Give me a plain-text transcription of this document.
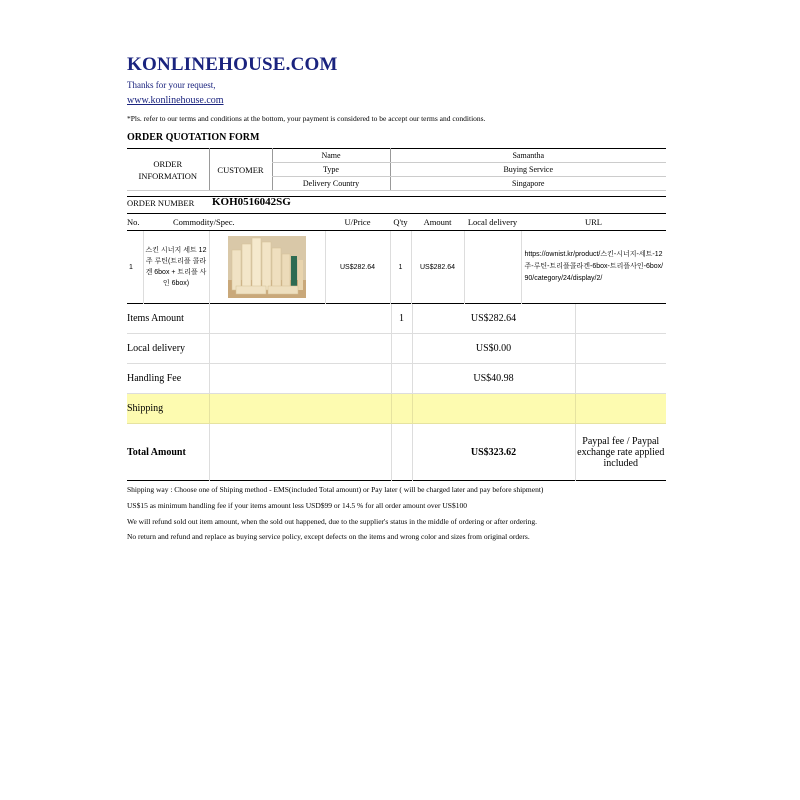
KONLINEHOUSE.COM
Thanks for your request,
www.konlinehouse.com
*Pls. refer to our terms and conditions at the bottom, your payment is considered to be accept our terms and conditions.
ORDER QUOTATION FORM
ORDER INFORMATION	CUSTOMER	Name	Samantha
		Type	Buying Service
		Delivery Country	Singapore
ORDER NUMBER KOH0516042SG
No.	Commodity/Spec.		U/Price	Q'ty	Amount	Local delivery	URL
1	스킨 시너지 세트 12주 루틴(트리플 콜라겐 6box + 트리플 사인 6box)		US$282.64	1	US$282.64		https://ownist.kr/product/스킨-시너지-세트-12주-루틴-트리플콜라겐-6box-트리플사인-6box/90/category/24/display/2/
Items Amount		1	US$282.64	
Local delivery			US$0.00	
Handling Fee			US$40.98	
Shipping				
Total Amount			US$323.62	Paypal fee / Paypal exchange rate applied included
Shipping way : Choose one of Shiping method - EMS(included Total amount) or Pay later ( will be charged later and pay before shipment)
US$15 as minimum handling fee if your items amount less USD$99 or 14.5 % for all order amount over US$100
We will refund sold out item amount, when the sold out happened, due to the supplier's status in the middle of ordering or after ordering.
No return and refund and replace as buying service policy, except defects on the items and wrong color and sizes from original orders.
